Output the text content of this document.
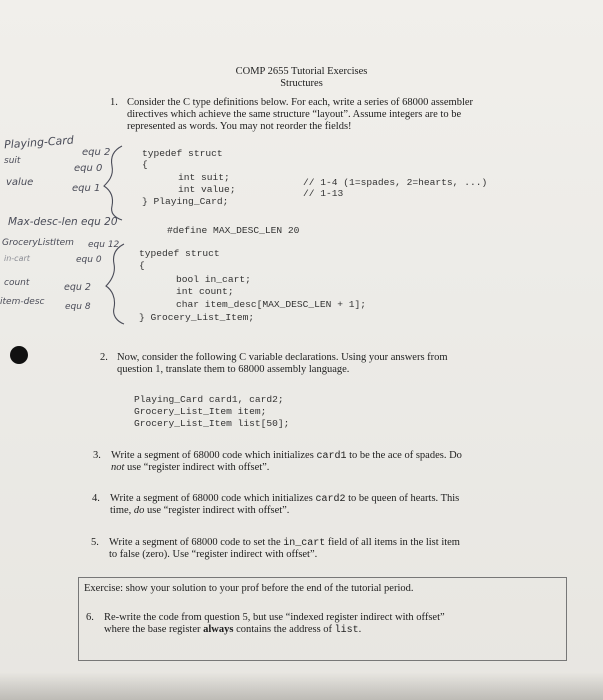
COMP 2655 Tutorial Exercises
Structures
1. Consider the C type definitions below. For each, write a series of 68000 assembler
directives which achieve the same structure “layout”. Assume integers are to be
represented as words. You may not reorder the fields!
typedef struct
{
int suit;	// 1-4 (1=spades, 2=hearts, ...)
int value;	// 1-13
} Playing_Card;
#define MAX_DESC_LEN 20
typedef struct
{
bool in_cart;
int count;
char item_desc[MAX_DESC_LEN + 1];
} Grocery_List_Item;
Playing-Card
equ 2
suit
equ 0
value
equ 1
Max-desc-len equ 20
GroceryListItem equ 12
in-cart	equ 0
count	equ 2
item-desc equ 8
2. Now, consider the following C variable declarations. Using your answers from
question 1, translate them to 68000 assembly language.
Playing_Card card1, card2;
Grocery_List_Item item;
Grocery_List_Item list[50];
3. Write a segment of 68000 code which initializes card1 to be the ace of spades. Do
not use “register indirect with offset”.
4. Write a segment of 68000 code which initializes card2 to be queen of hearts. This
time, do use “register indirect with offset”.
5. Write a segment of 68000 code to set the in_cart field of all items in the list item
to false (zero). Use “register indirect with offset”.
Exercise: show your solution to your prof before the end of the tutorial period.
6. Re-write the code from question 5, but use “indexed register indirect with offset”
where the base register always contains the address of list.
